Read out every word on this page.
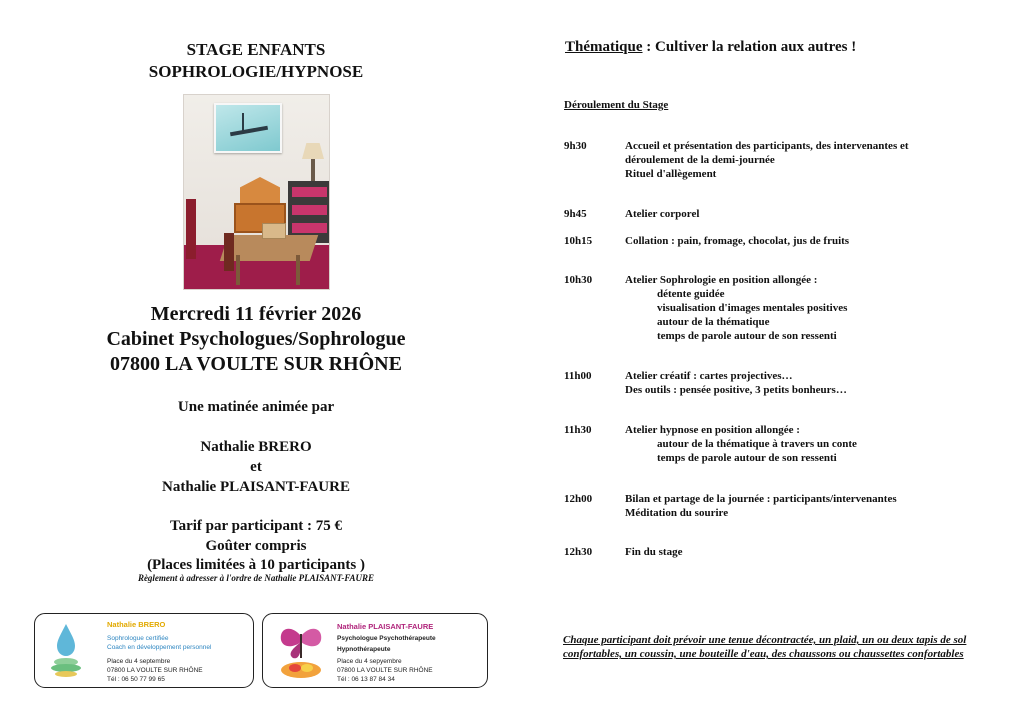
STAGE ENFANTS
SOPHROLOGIE/HYPNOSE
Mercredi 11 février 2026
Cabinet Psychologues/Sophrologue
07800 LA VOULTE SUR RHÔNE
Une matinée animée par
Nathalie BRERO
et
Nathalie PLAISANT-FAURE
Tarif par participant : 75 €
Goûter compris
(Places limitées à 10 participants )
Règlement à adresser à l'ordre de Nathalie PLAISANT-FAURE
Nathalie BRERO
Sophrologue certifiée
Coach en développement personnel
Place du 4 septembre
07800 LA VOULTE SUR RHÔNE
Tél : 06 50 77 99 65
Nathalie PLAISANT-FAURE
Psychologue Psychothérapeute
Hypnothérapeute
Place du 4 sepyembre
07800 LA VOULTE SUR RHÔNE
Tél : 06 13 87 84 34
Thématique : Cultiver la relation aux autres !
Déroulement du Stage
9h30	Accueil et présentation des participants, des intervenantes et
déroulement de la demi-journée
Rituel d'allègement
9h45	Atelier corporel
10h15	Collation : pain, fromage, chocolat, jus de fruits
10h30	Atelier Sophrologie en position allongée :
détente guidée
visualisation d'images mentales positives
autour de la thématique
temps de parole autour de son ressenti
11h00	Atelier créatif : cartes projectives…
Des outils : pensée positive, 3 petits bonheurs…
11h30	Atelier hypnose en position allongée :
autour de la thématique à travers un conte
temps de parole autour de son ressenti
12h00	Bilan et partage de la journée : participants/intervenantes
Méditation du sourire
12h30	Fin du stage
Chaque participant doit prévoir une tenue décontractée, un plaid, un ou deux tapis de sol confortables, un coussin, une bouteille d'eau, des chaussons ou chaussettes confortables
